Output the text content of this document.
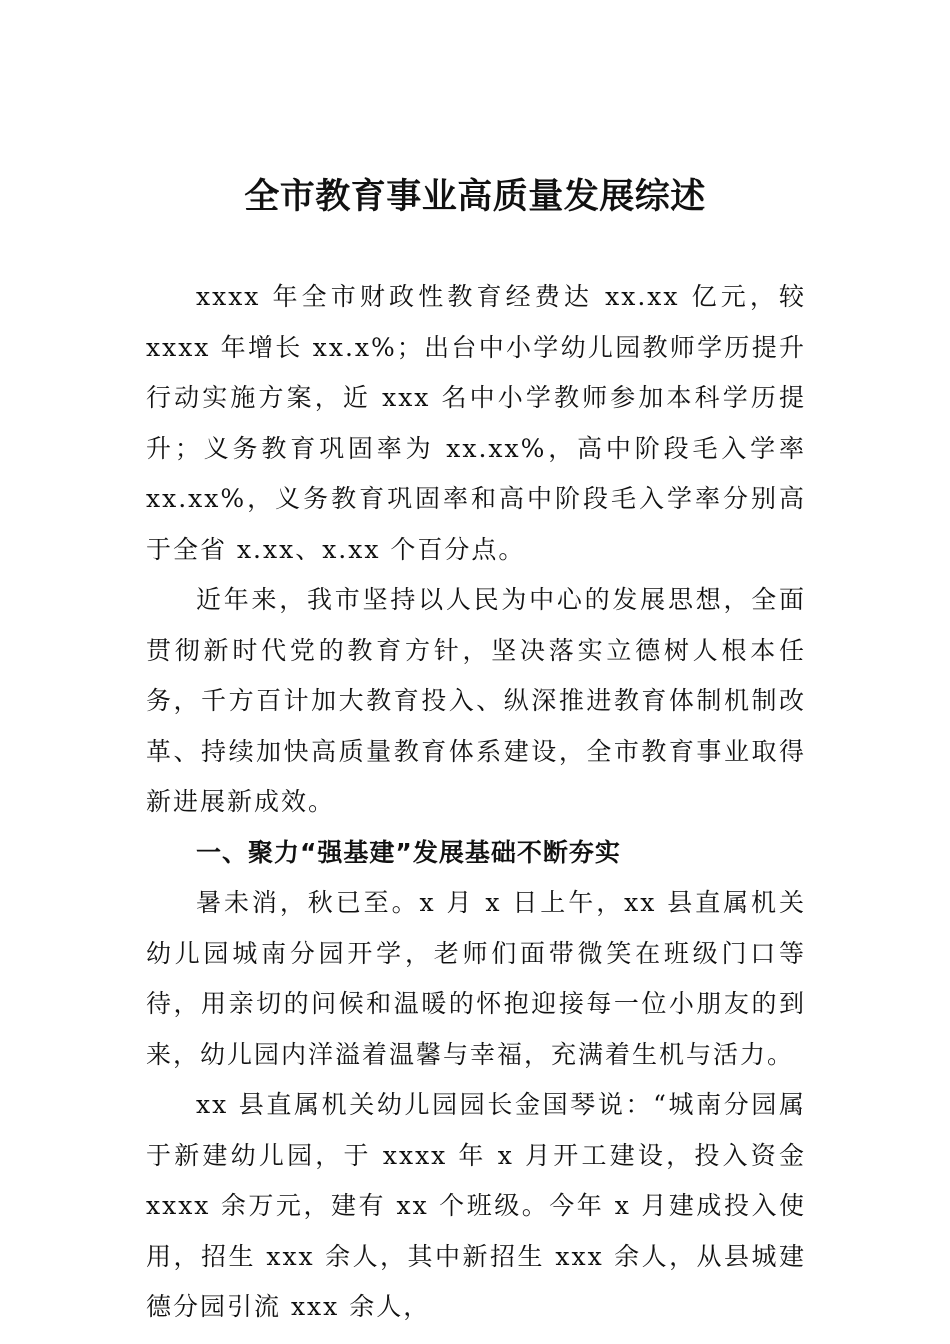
全市教育事业高质量发展综述

xxxx 年全市财政性教育经费达 xx.xx 亿元，较 xxxx 年增长 xx.x%；出台中小学幼儿园教师学历提升行动实施方案，近 xxx 名中小学教师参加本科学历提升；义务教育巩固率为 xx.xx%，高中阶段毛入学率 xx.xx%，义务教育巩固率和高中阶段毛入学率分别高于全省 x.xx、x.xx 个百分点。

近年来，我市坚持以人民为中心的发展思想，全面贯彻新时代党的教育方针，坚决落实立德树人根本任务，千方百计加大教育投入、纵深推进教育体制机制改革、持续加快高质量教育体系建设，全市教育事业取得新进展新成效。

一、聚力“强基建”发展基础不断夯实

暑未消，秋已至。x 月 x 日上午，xx 县直属机关幼儿园城南分园开学，老师们面带微笑在班级门口等待，用亲切的问候和温暖的怀抱迎接每一位小朋友的到来，幼儿园内洋溢着温馨与幸福，充满着生机与活力。

xx 县直属机关幼儿园园长金国琴说：“城南分园属于新建幼儿园，于 xxxx 年 x 月开工建设，投入资金 xxxx 余万元，建有 xx 个班级。今年 x 月建成投入使用，招生 xxx 余人，其中新招生 xxx 余人，从县城建德分园引流 xxx 余人，
